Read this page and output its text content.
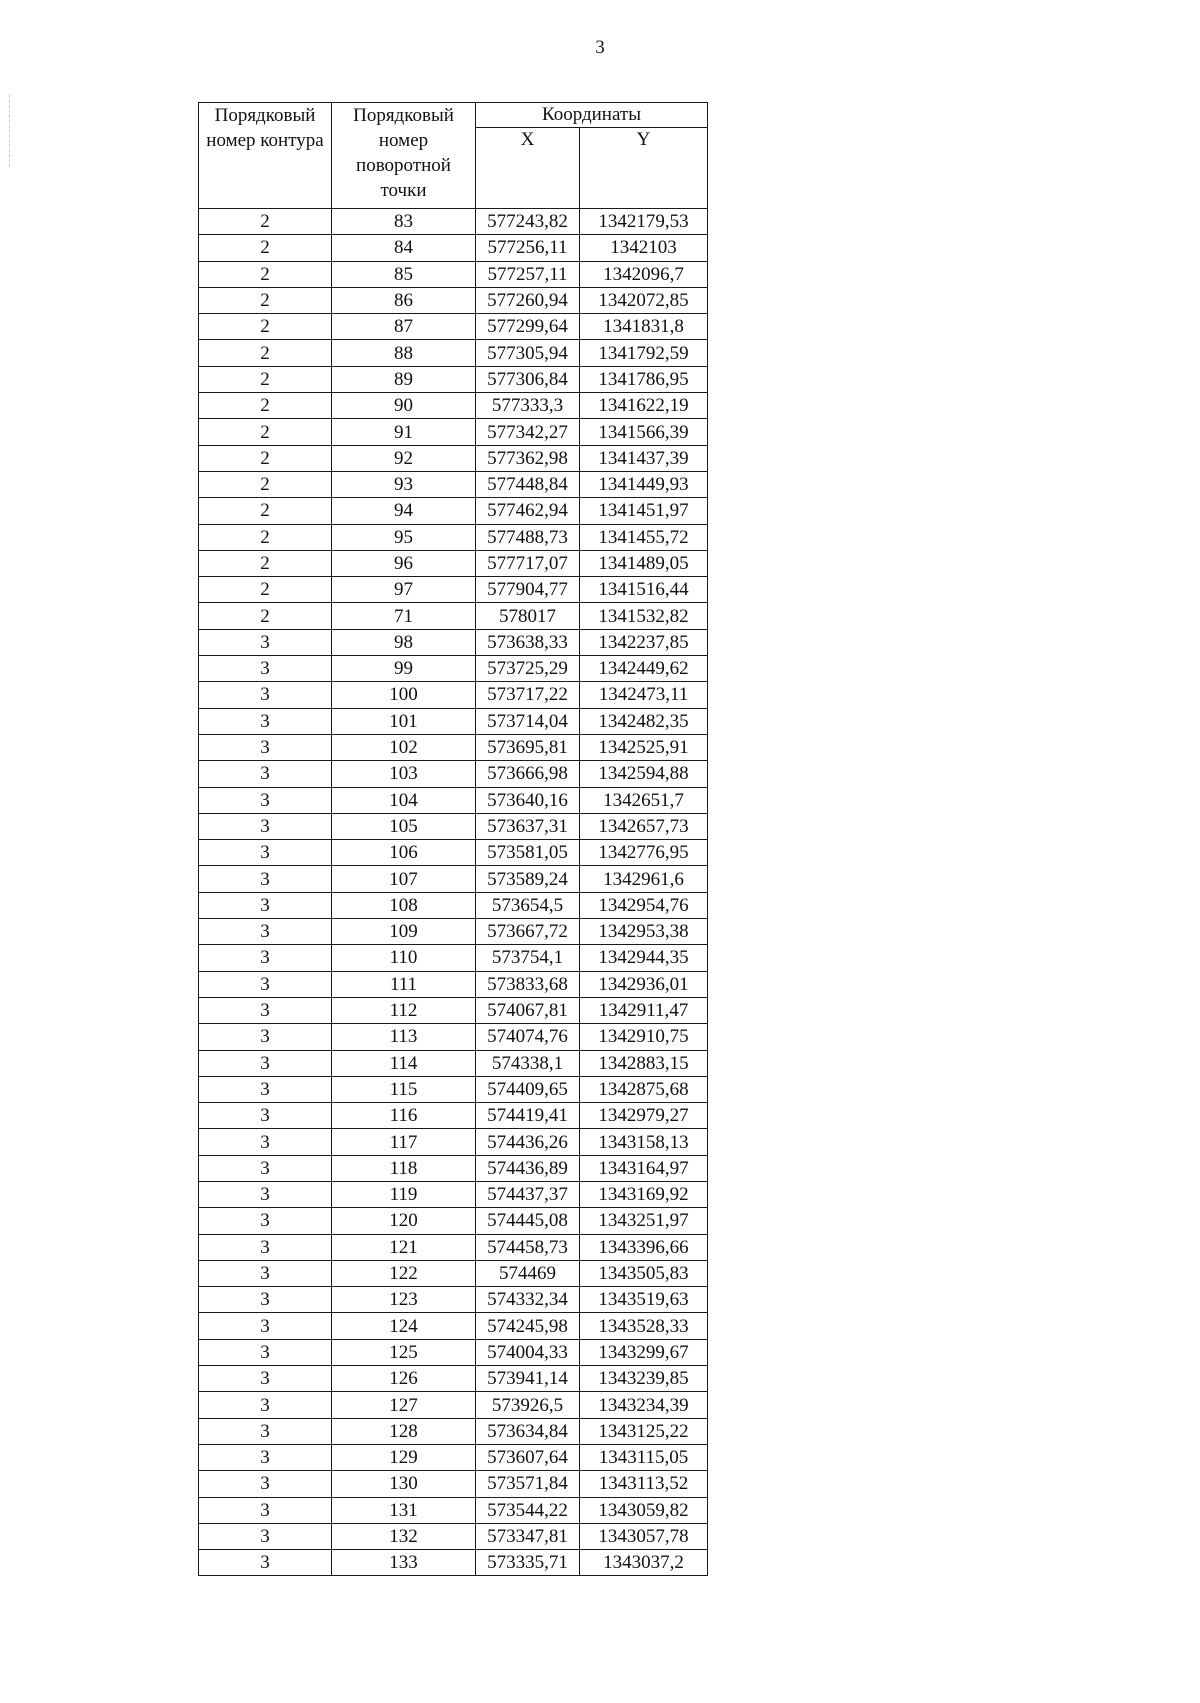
3
Порядковый номер контура	Порядковый номер поворотной точки	Координаты	
		X	Y
2	83	577243,82	1342179,53
2	84	577256,11	1342103
2	85	577257,11	1342096,7
2	86	577260,94	1342072,85
2	87	577299,64	1341831,8
2	88	577305,94	1341792,59
2	89	577306,84	1341786,95
2	90	577333,3	1341622,19
2	91	577342,27	1341566,39
2	92	577362,98	1341437,39
2	93	577448,84	1341449,93
2	94	577462,94	1341451,97
2	95	577488,73	1341455,72
2	96	577717,07	1341489,05
2	97	577904,77	1341516,44
2	71	578017	1341532,82
3	98	573638,33	1342237,85
3	99	573725,29	1342449,62
3	100	573717,22	1342473,11
3	101	573714,04	1342482,35
3	102	573695,81	1342525,91
3	103	573666,98	1342594,88
3	104	573640,16	1342651,7
3	105	573637,31	1342657,73
3	106	573581,05	1342776,95
3	107	573589,24	1342961,6
3	108	573654,5	1342954,76
3	109	573667,72	1342953,38
3	110	573754,1	1342944,35
3	111	573833,68	1342936,01
3	112	574067,81	1342911,47
3	113	574074,76	1342910,75
3	114	574338,1	1342883,15
3	115	574409,65	1342875,68
3	116	574419,41	1342979,27
3	117	574436,26	1343158,13
3	118	574436,89	1343164,97
3	119	574437,37	1343169,92
3	120	574445,08	1343251,97
3	121	574458,73	1343396,66
3	122	574469	1343505,83
3	123	574332,34	1343519,63
3	124	574245,98	1343528,33
3	125	574004,33	1343299,67
3	126	573941,14	1343239,85
3	127	573926,5	1343234,39
3	128	573634,84	1343125,22
3	129	573607,64	1343115,05
3	130	573571,84	1343113,52
3	131	573544,22	1343059,82
3	132	573347,81	1343057,78
3	133	573335,71	1343037,2
